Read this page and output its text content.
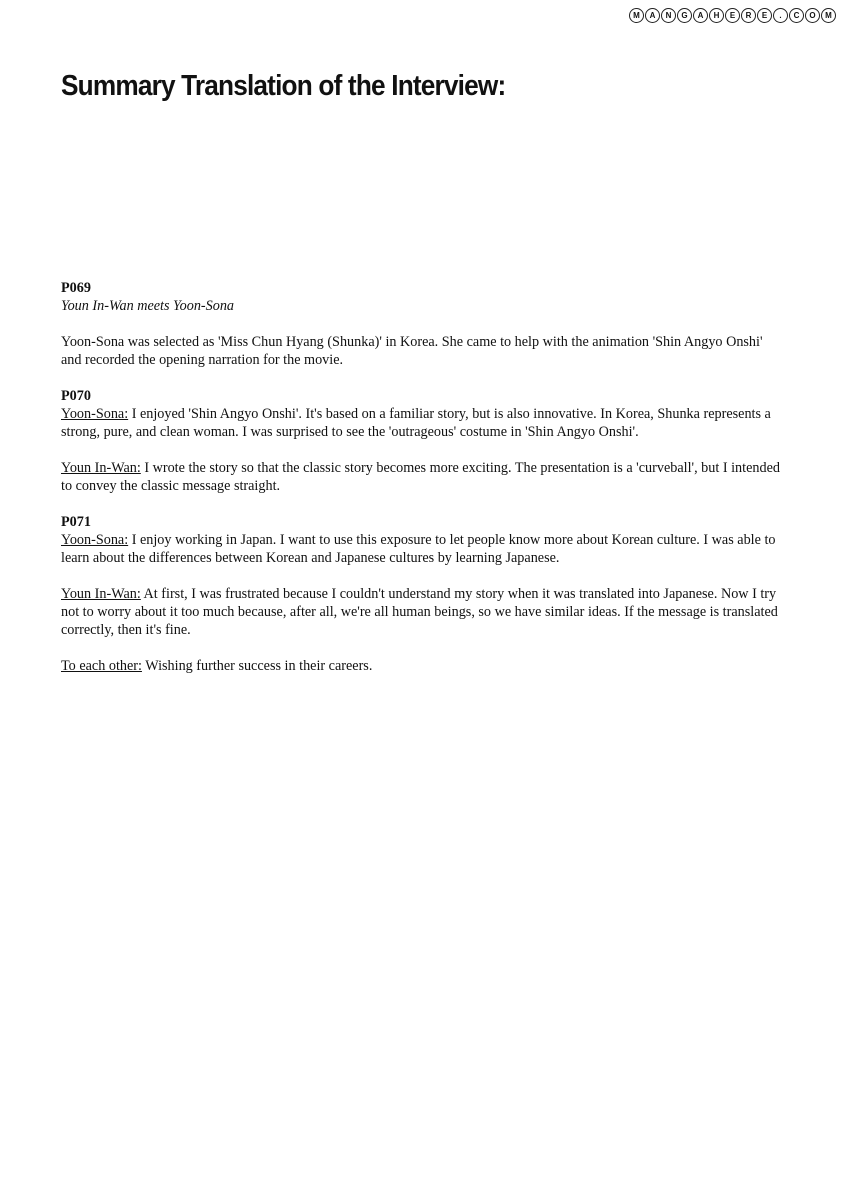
M	A	N	G	A	H	E	R	E	.	C	O	M
Summary Translation of the Interview:

P069

Youn In-Wan meets Yoon-Sona

Yoon-Sona was selected as 'Miss Chun Hyang (Shunka)' in Korea. She came to help with the animation 'Shin Angyo Onshi' and recorded the opening narration for the movie.

P070

Yoon-Sona: I enjoyed 'Shin Angyo Onshi'. It's based on a familiar story, but is also innovative. In Korea, Shunka represents a strong, pure, and clean woman. I was surprised to see the 'outrageous' costume in 'Shin Angyo Onshi'.

Youn In-Wan: I wrote the story so that the classic story becomes more exciting. The presentation is a 'curveball', but I intended to convey the classic message straight.

P071

Yoon-Sona: I enjoy working in Japan. I want to use this exposure to let people know more about Korean culture. I was able to learn about the differences between Korean and Japanese cultures by learning Japanese.

Youn In-Wan: At first, I was frustrated because I couldn't understand my story when it was translated into Japanese. Now I try not to worry about it too much because, after all, we're all human beings, so we have similar ideas. If the message is translated correctly, then it's fine.

To each other: Wishing further success in their careers.
